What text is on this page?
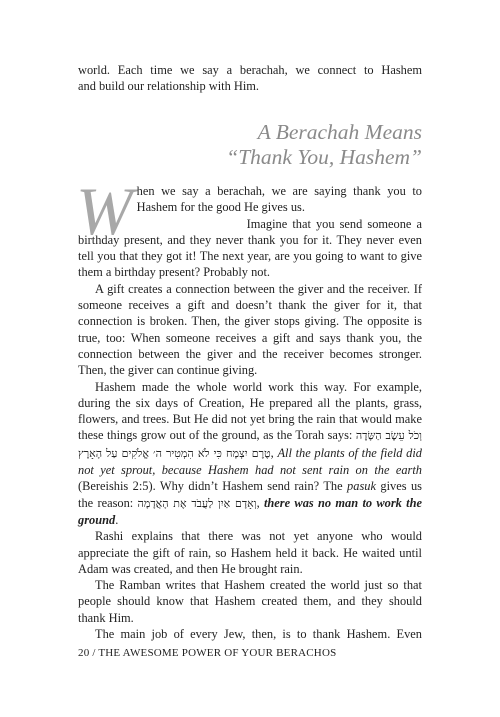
world. Each time we say a berachah, we connect to Hashem

and build our relationship with Him.

A Berachah Means
“Thank You, Hashem”

When we say a berachah, we are saying thank you to Hashem for the good He gives us.

Imagine that you send someone a birthday present, and they never thank you for it. They never even tell you that they got it! The next year, are you going to want to give them a birthday present? Probably not.

A gift creates a connection between the giver and the receiver. If someone receives a gift and doesn’t thank the giver for it, that connection is broken. Then, the giver stops giving. The opposite is true, too: When someone receives a gift and says thank you, the connection between the giver and the receiver becomes stronger. Then, the giver can continue giving.

Hashem made the whole world work this way. For example, during the six days of Creation, He prepared all the plants, grass, flowers, and trees. But He did not yet bring the rain that would make these things grow out of the ground, as the Torah says: וְכֹל עֵשֶׂב הַשָּׂדֶה טֶרֶם יִצְמָח כִּי לֹא הִמְטִיר ה׳ אֱלֹקִים עַל הָאָרֶץ, All the plants of the field did not yet sprout, because Hashem had not sent rain on the earth (Bereishis 2:5). Why didn’t Hashem send rain? The pasuk gives us the reason: וְאָדָם אַיִן לַעֲבֹד אֶת הָאֲדָמָה, there was no man to work the ground.

Rashi explains that there was not yet anyone who would appreciate the gift of rain, so Hashem held it back. He waited until Adam was created, and then He brought rain.

The Ramban writes that Hashem created the world just so that people should know that Hashem created them, and they should thank Him.

The main job of every Jew, then, is to thank Hashem. Even

20 / THE AWESOME POWER OF YOUR BERACHOS
